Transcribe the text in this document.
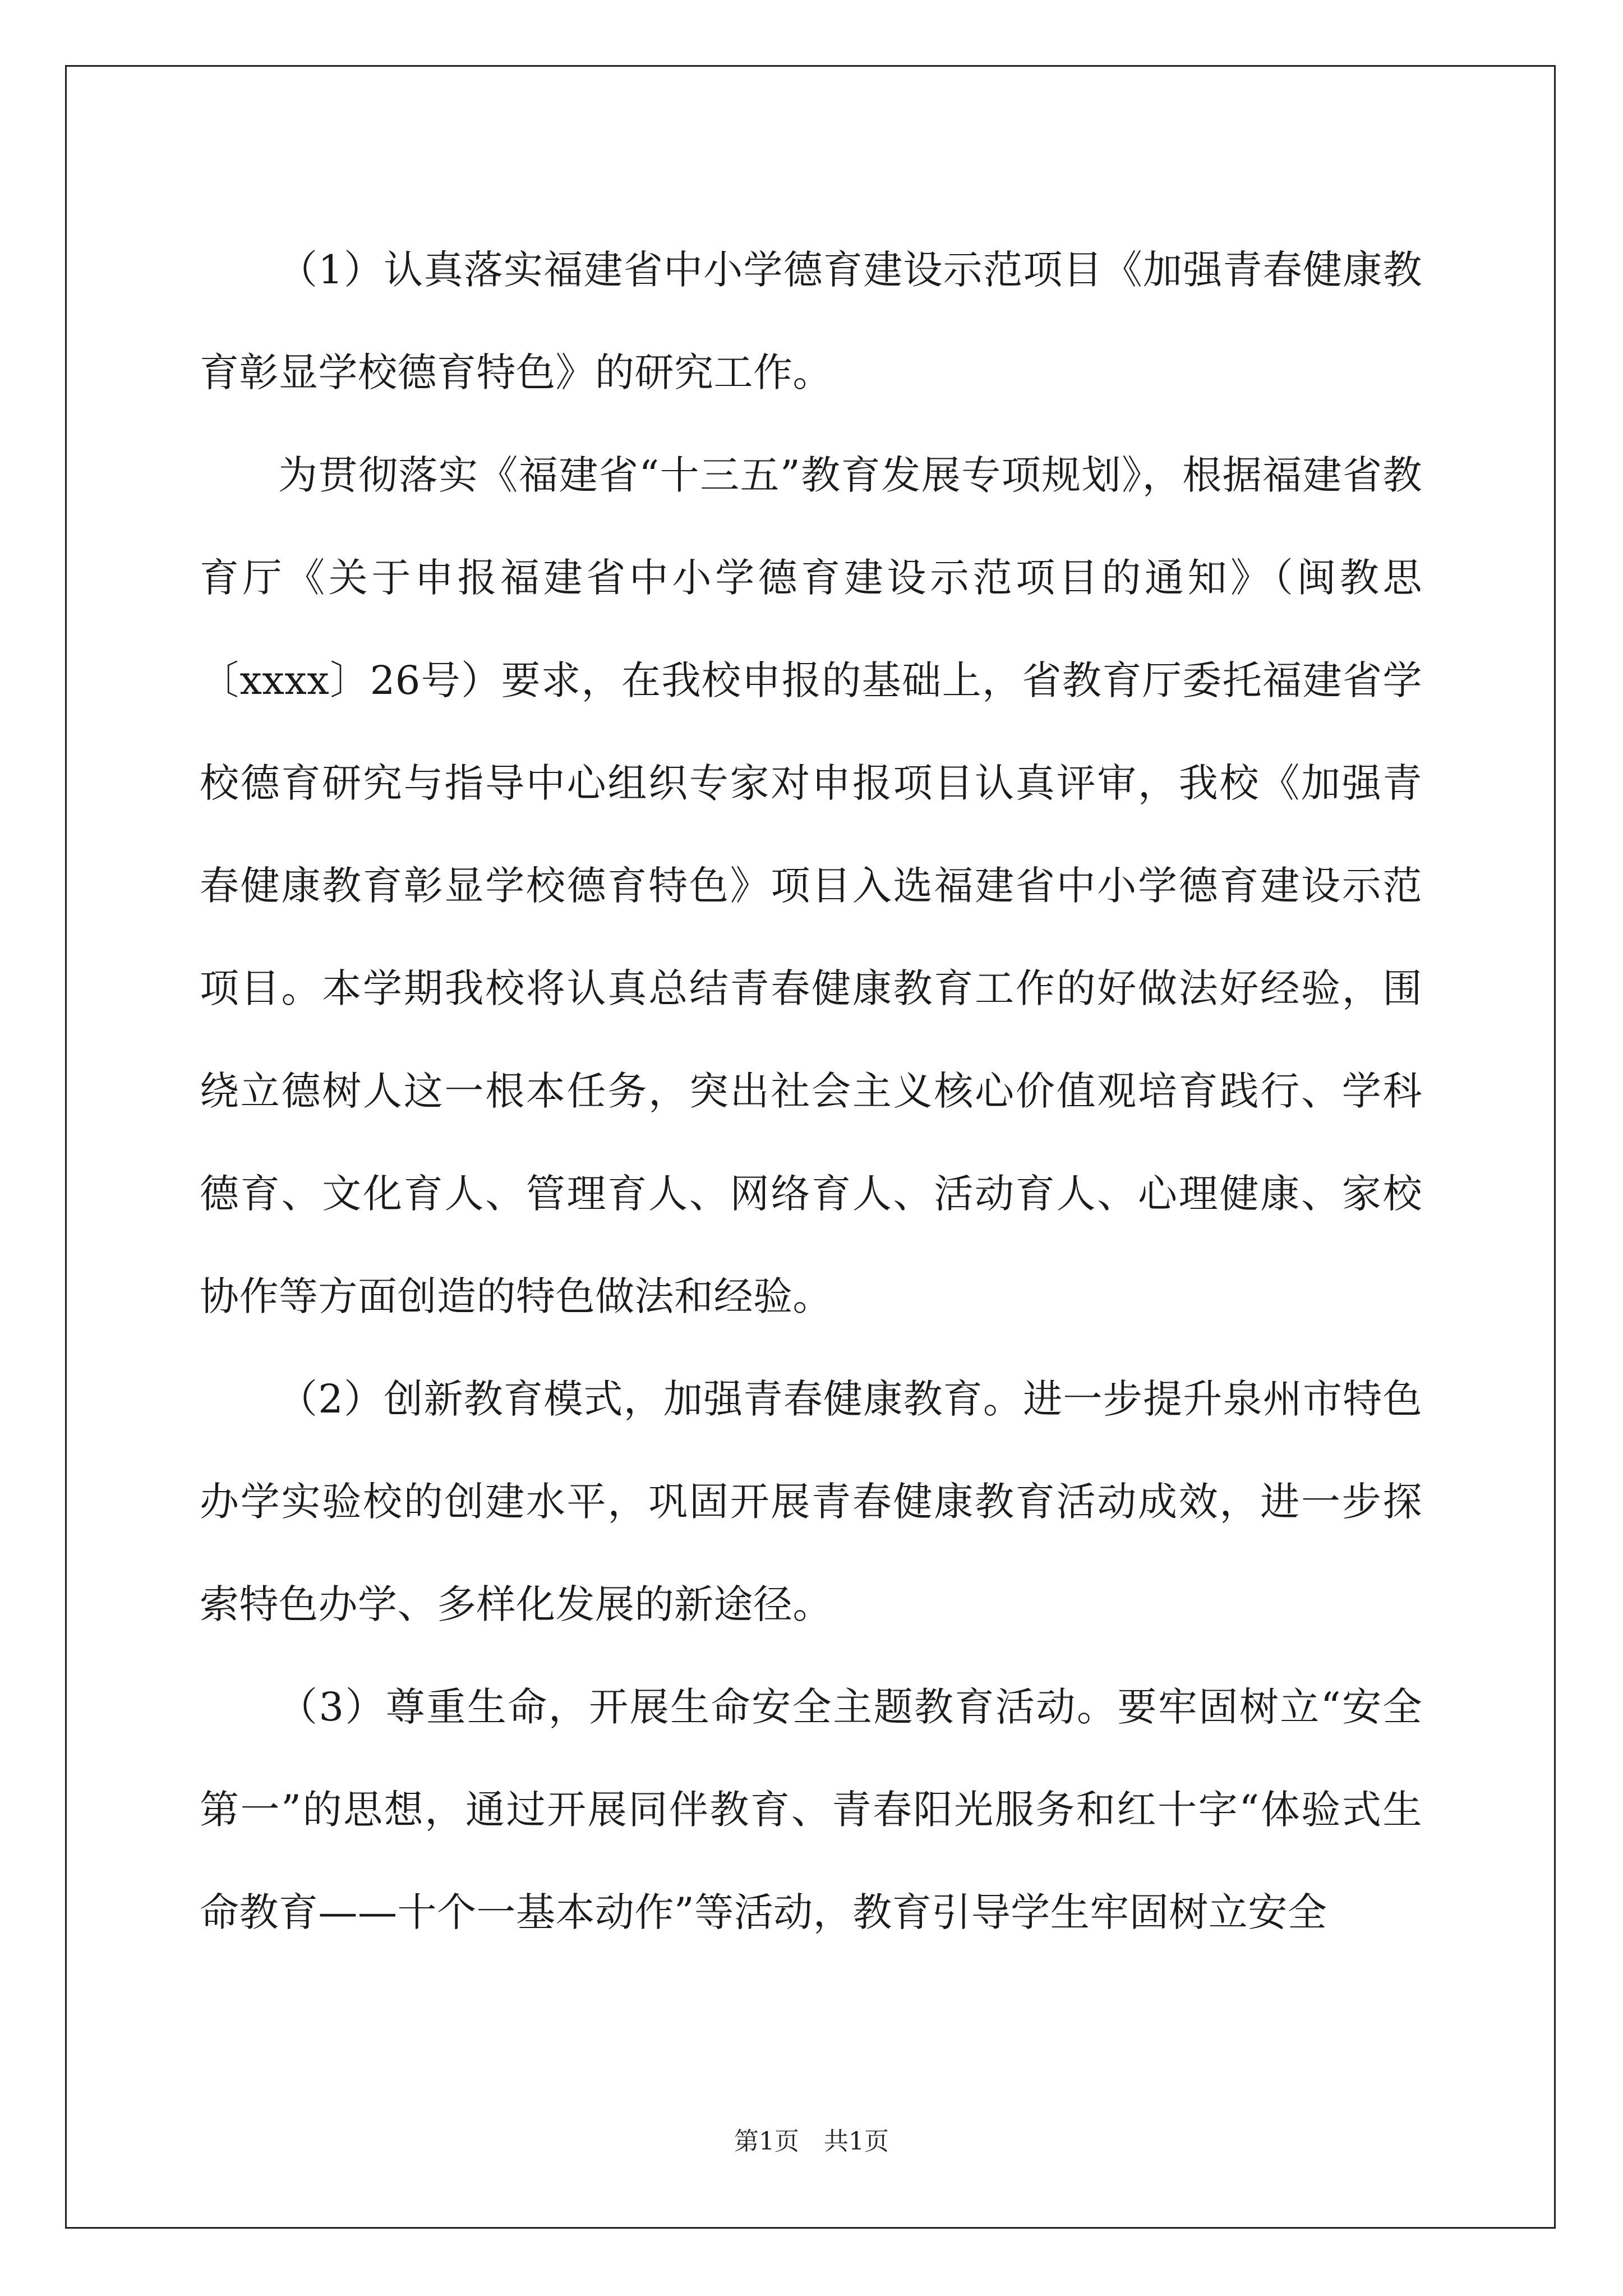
（1）认真落实福建省中小学德育建设示范项目《加强青春健康教育彰显学校德育特色》的研究工作。

为贯彻落实《福建省“十三五”教育发展专项规划》，根据福建省教育厅《关于申报福建省中小学德育建设示范项目的通知》（闽教思〔xxxx〕26号）要求，在我校申报的基础上，省教育厅委托福建省学校德育研究与指导中心组织专家对申报项目认真评审，我校《加强青春健康教育彰显学校德育特色》项目入选福建省中小学德育建设示范项目。本学期我校将认真总结青春健康教育工作的好做法好经验，围绕立德树人这一根本任务，突出社会主义核心价值观培育践行、学科德育、文化育人、管理育人、网络育人、活动育人、心理健康、家校协作等方面创造的特色做法和经验。

（2）创新教育模式，加强青春健康教育。进一步提升泉州市特色办学实验校的创建水平，巩固开展青春健康教育活动成效，进一步探索特色办学、多样化发展的新途径。

（3）尊重生命，开展生命安全主题教育活动。要牢固树立“安全第一”的思想，通过开展同伴教育、青春阳光服务和红十字“体验式生命教育——十个一基本动作”等活动，教育引导学生牢固树立安全

第1页　共1页
